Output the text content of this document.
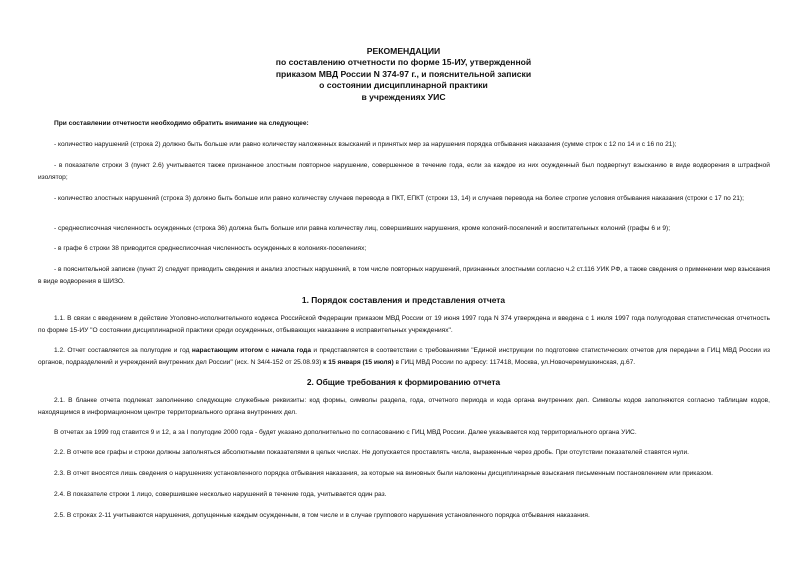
РЕКОМЕНДАЦИИ
по составлению отчетности по форме 15-ИУ, утвержденной
приказом МВД России N 374-97 г., и пояснительной записки
о состоянии дисциплинарной практики
в учреждениях УИС
При составлении отчетности необходимо обратить внимание на следующее:
- количество нарушений (строка 2) должно быть больше или равно количеству наложенных взысканий и принятых мер за нарушения порядка отбывания наказания (сумме строк с 12 по 14 и с 16 по 21);
- в показателе строки 3 (пункт 2.6) учитывается также признанное злостным повторное нарушение, совершенное в течение года, если за каждое из них осужденный был подвергнут взысканию в виде водворения в штрафной изолятор;
- количество злостных нарушений (строка 3) должно быть больше или равно количеству случаев перевода в ПКТ, ЕПКТ (строки 13, 14) и случаев перевода на более строгие условия отбывания наказания (строки с 17 по 21);
- среднесписочная численность осужденных (строка 36) должна быть больше или равна количеству лиц, совершивших нарушения, кроме колоний-поселений и воспитательных колоний (графы 6 и 9);
- в графе 6 строки 38 приводится среднесписочная численность осужденных в колониях-поселениях;
- в пояснительной записке (пункт 2) следует приводить сведения и анализ злостных нарушений, в том числе повторных нарушений, признанных злостными согласно ч.2 ст.116 УИК РФ, а также сведения о применении мер взыскания в виде водворения в ШИЗО.
1. Порядок составления и представления отчета
1.1. В связи с введением в действие Уголовно-исполнительного кодекса Российской Федерации приказом МВД России от 19 июня 1997 года N 374 утверждена и введена с 1 июля 1997 года полугодовая статистическая отчетность по форме 15-ИУ "О состоянии дисциплинарной практики среди осужденных, отбывающих наказание в исправительных учреждениях".
1.2. Отчет составляется за полугодие и год нарастающим итогом с начала года и представляется в соответствии с требованиями "Единой инструкции по подготовке статистических отчетов для передачи в ГИЦ МВД России из органов, подразделений и учреждений внутренних дел России" (исх. N 34/4-152 от 25.08.93) к 15 января (15 июля) в ГИЦ МВД России по адресу: 117418, Москва, ул.Новочеремушкинская, д.67.
2. Общие требования к формированию отчета
2.1. В бланке отчета подлежат заполнению следующие служебные реквизиты: код формы, символы раздела, года, отчетного периода и кода органа внутренних дел. Символы кодов заполняются согласно таблицам кодов, находящимся в информационном центре территориального органа внутренних дел.
В отчетах за 1999 год ставится 9 и 12, а за I полугодие 2000 года - будет указано дополнительно по согласованию с ГИЦ МВД России. Далее указывается код территориального органа УИС.
2.2. В отчете все графы и строки должны заполняться абсолютными показателями в целых числах. Не допускается проставлять числа, выраженные через дробь. При отсутствии показателей ставятся нули.
2.3. В отчет вносятся лишь сведения о нарушениях установленного порядка отбывания наказания, за которые на виновных были наложены дисциплинарные взыскания письменным постановлением или приказом.
2.4. В показателе строки 1 лицо, совершившее несколько нарушений в течение года, учитывается один раз.
2.5. В строках 2-11 учитываются нарушения, допущенные каждым осужденным, в том числе и в случае группового нарушения установленного порядка отбывания наказания.
